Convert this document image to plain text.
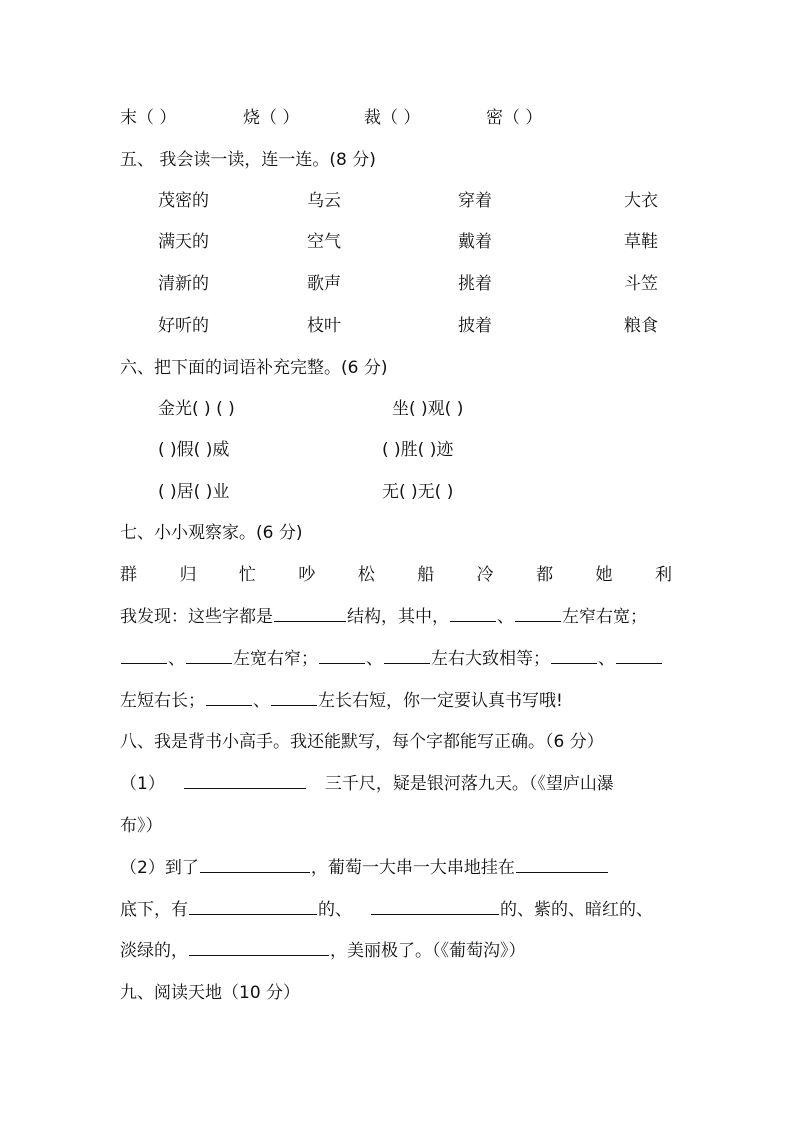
末（ ）	烧（ ）	裁（ ）	密（ ）
五、 我会读一读，连一连。(8 分)
茂密的	乌云	穿着	大衣
满天的	空气	戴着	草鞋
清新的	歌声	挑着	斗笠
好听的	枝叶	披着	粮食
六、把下面的词语补充完整。(6 分)
金光( ) ( )	坐( )观( )
( )假( )威	( )胜( )迹
( )居( )业	无( )无( )
七、小小观察家。(6 分)
群 归 忙 吵 松 船 冷 都 她 利
我发现：这些字都是	结构，其中，	、	左窄右宽；
、	左宽右窄；	、	左右大致相等；	、
左短右长；	、	左长右短，你一定要认真书写哦!
八、我是背书小高手。我还能默写，每个字都能写正确。（6 分）
（1）	三千尺，疑是银河落九天。（《望庐山瀑
布》）
（2）到了	，葡萄一大串一大串地挂在
底下，有	的、	的、紫的、暗红的、
淡绿的，	，美丽极了。（《葡萄沟》）
九、阅读天地（10 分）
